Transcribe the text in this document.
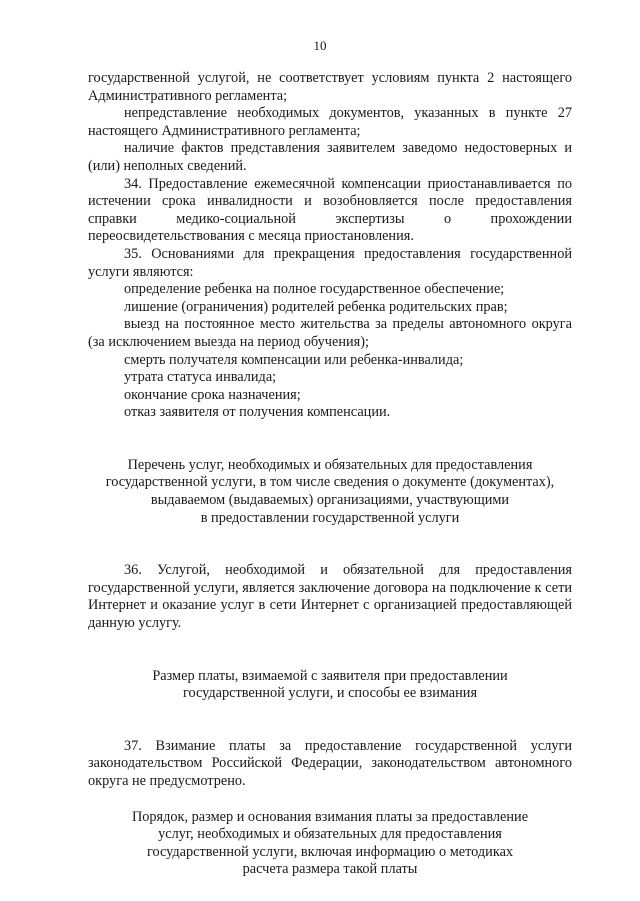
10

государственной услугой, не соответствует условиям пункта 2 настоящего Административного регламента;

непредставление необходимых документов, указанных в пункте 27 настоящего Административного регламента;

наличие фактов представления заявителем заведомо недостоверных и (или) неполных сведений.

34. Предоставление ежемесячной компенсации приостанавливается по истечении срока инвалидности и возобновляется после предоставления справки медико-социальной экспертизы о прохождении переосвидетельствования с месяца приостановления.

35. Основаниями для прекращения предоставления государственной услуги являются:

определение ребенка на полное государственное обеспечение;

лишение (ограничения) родителей ребенка родительских прав;

выезд на постоянное место жительства за пределы автономного округа (за исключением выезда на период обучения);

смерть получателя компенсации или ребенка-инвалида;

утрата статуса инвалида;

окончание срока назначения;

отказ заявителя от получения компенсации.

Перечень услуг, необходимых и обязательных для предоставления

государственной услуги, в том числе сведения о документе (документах),

выдаваемом (выдаваемых) организациями, участвующими

в предоставлении государственной услуги

36. Услугой, необходимой и обязательной для предоставления государственной услуги, является заключение договора на подключение к сети Интернет и оказание услуг в сети Интернет с организацией предоставляющей данную услугу.

Размер платы, взимаемой с заявителя при предоставлении

государственной услуги, и способы ее взимания

37. Взимание платы за предоставление государственной услуги законодательством Российской Федерации, законодательством автономного округа не предусмотрено.

Порядок, размер и основания взимания платы за предоставление

услуг, необходимых и обязательных для предоставления

государственной услуги, включая информацию о методиках

расчета размера такой платы
